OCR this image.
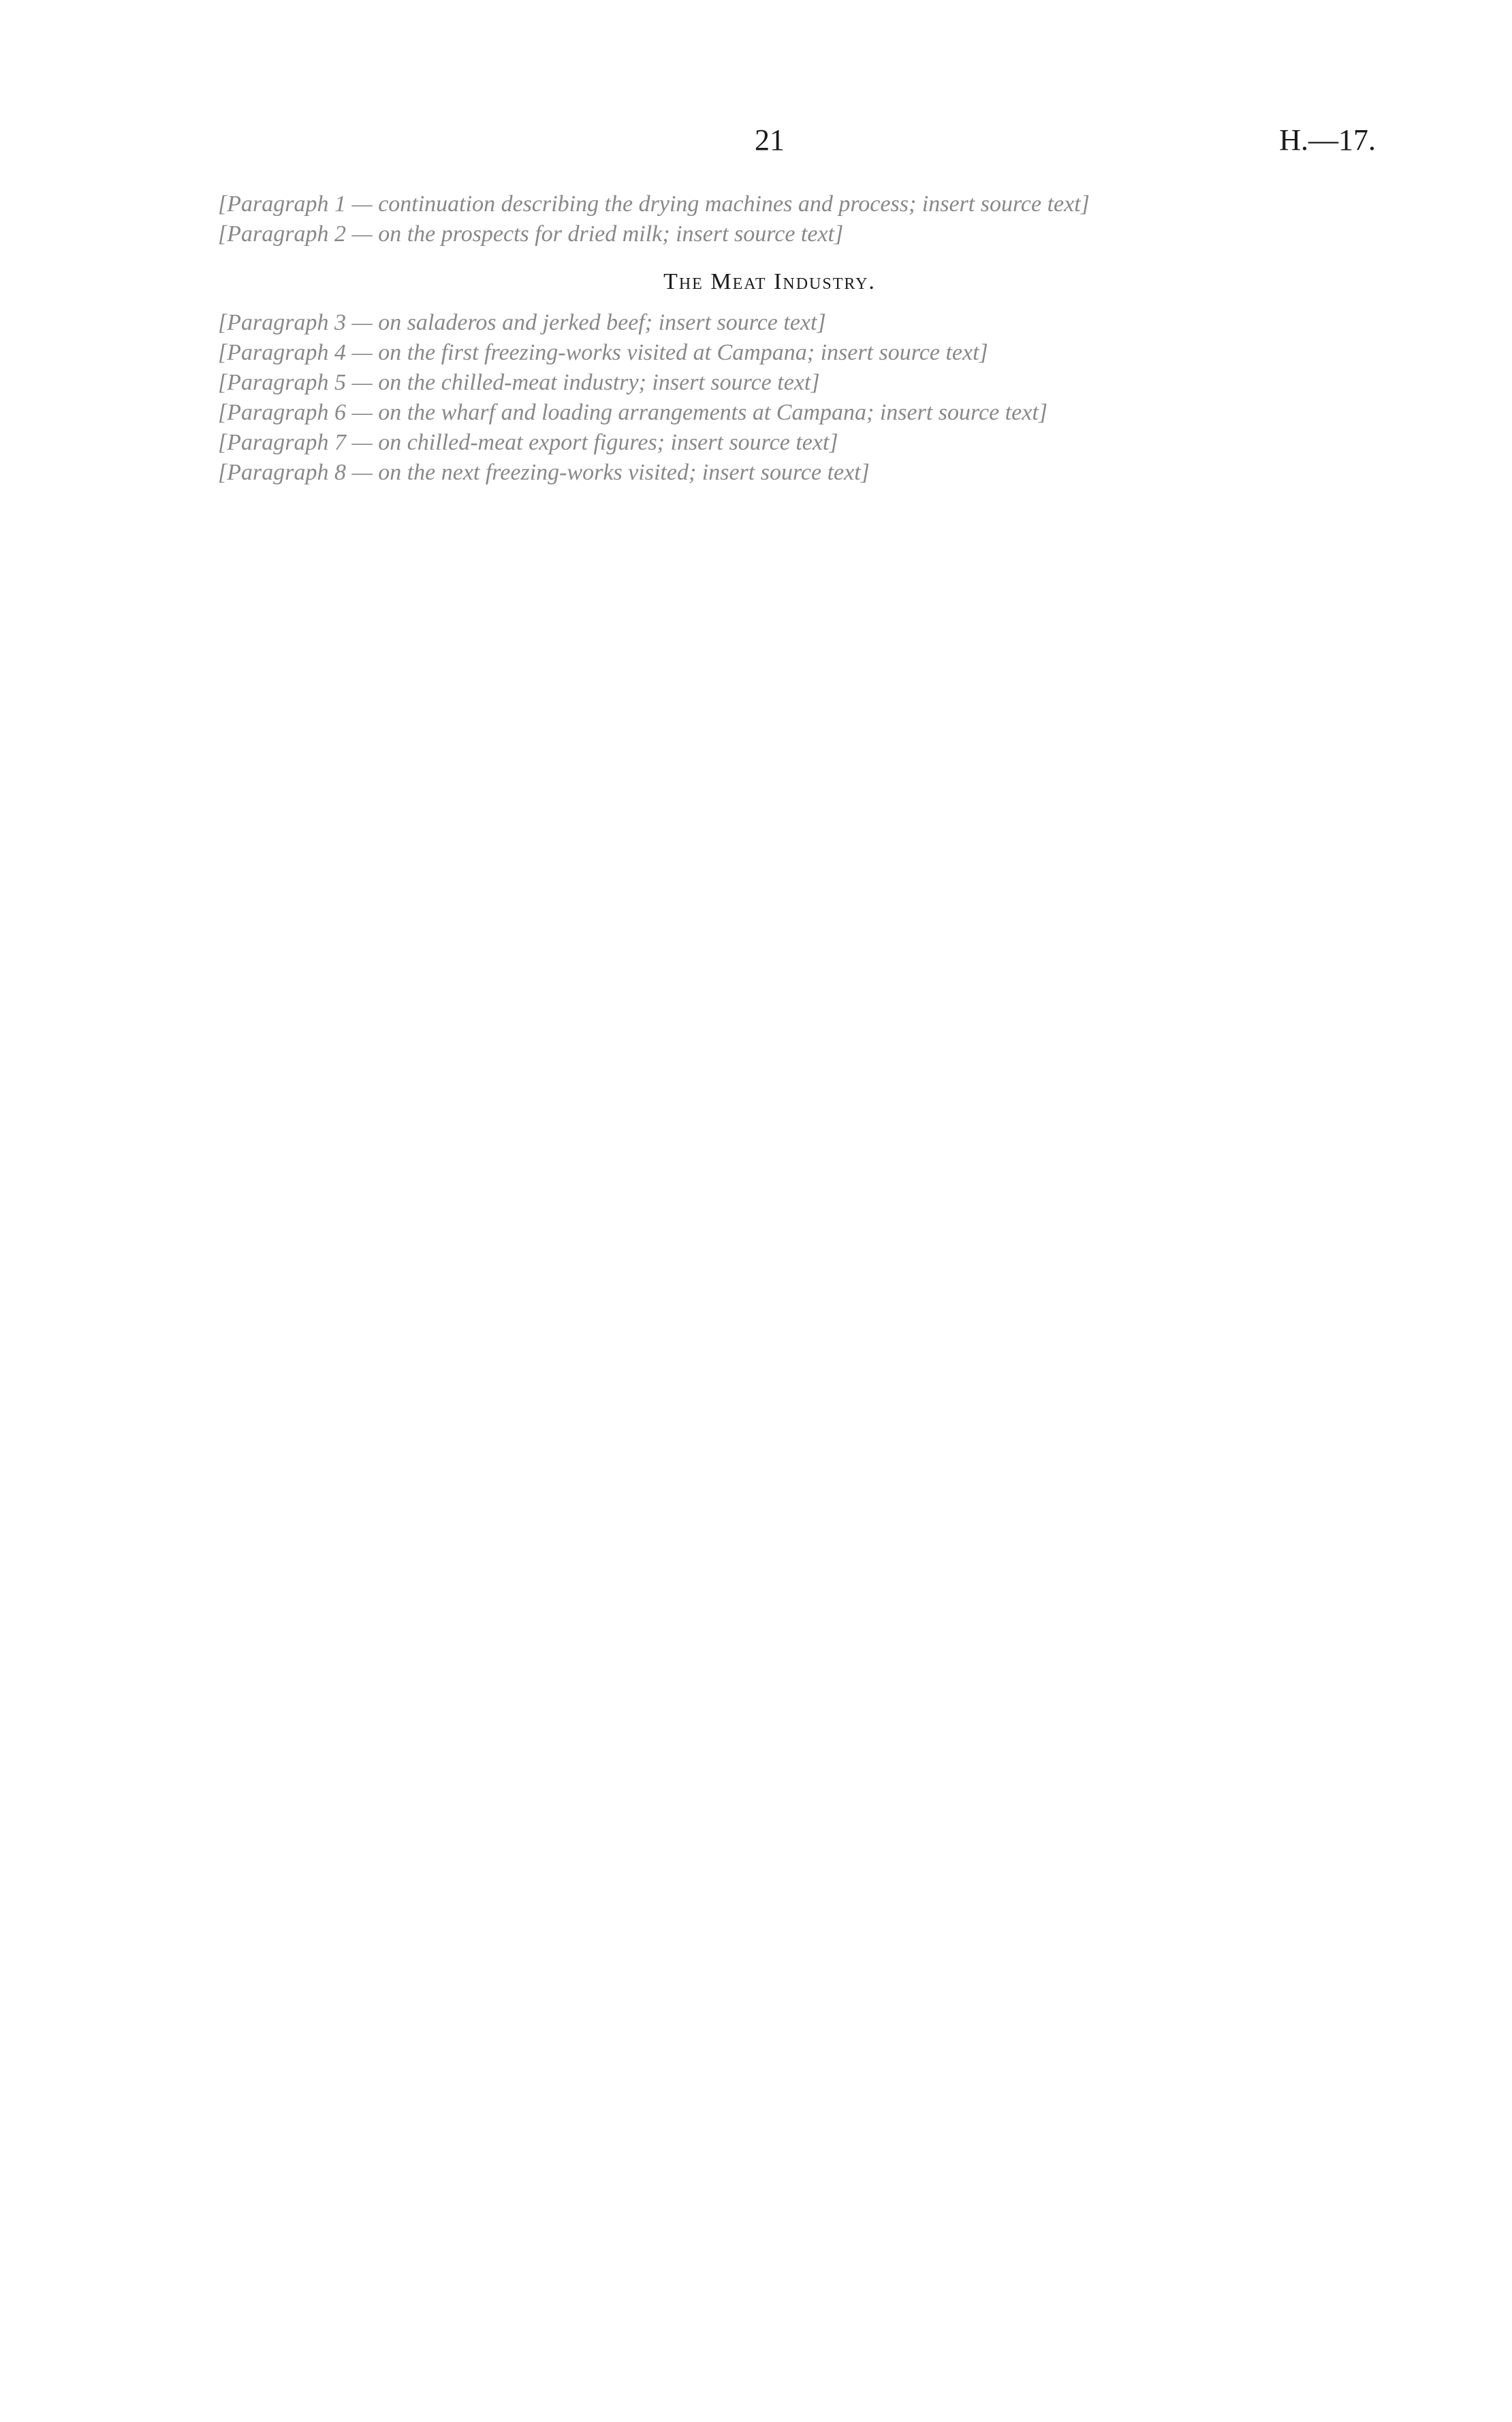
21	H.—17.

[Paragraph 1 — continuation describing the drying machines and process; insert source text]

[Paragraph 2 — on the prospects for dried milk; insert source text]

The Meat Industry.

[Paragraph 3 — on saladeros and jerked beef; insert source text]

[Paragraph 4 — on the first freezing-works visited at Campana; insert source text]

[Paragraph 5 — on the chilled-meat industry; insert source text]

[Paragraph 6 — on the wharf and loading arrangements at Campana; insert source text]

[Paragraph 7 — on chilled-meat export figures; insert source text]

[Paragraph 8 — on the next freezing-works visited; insert source text]
